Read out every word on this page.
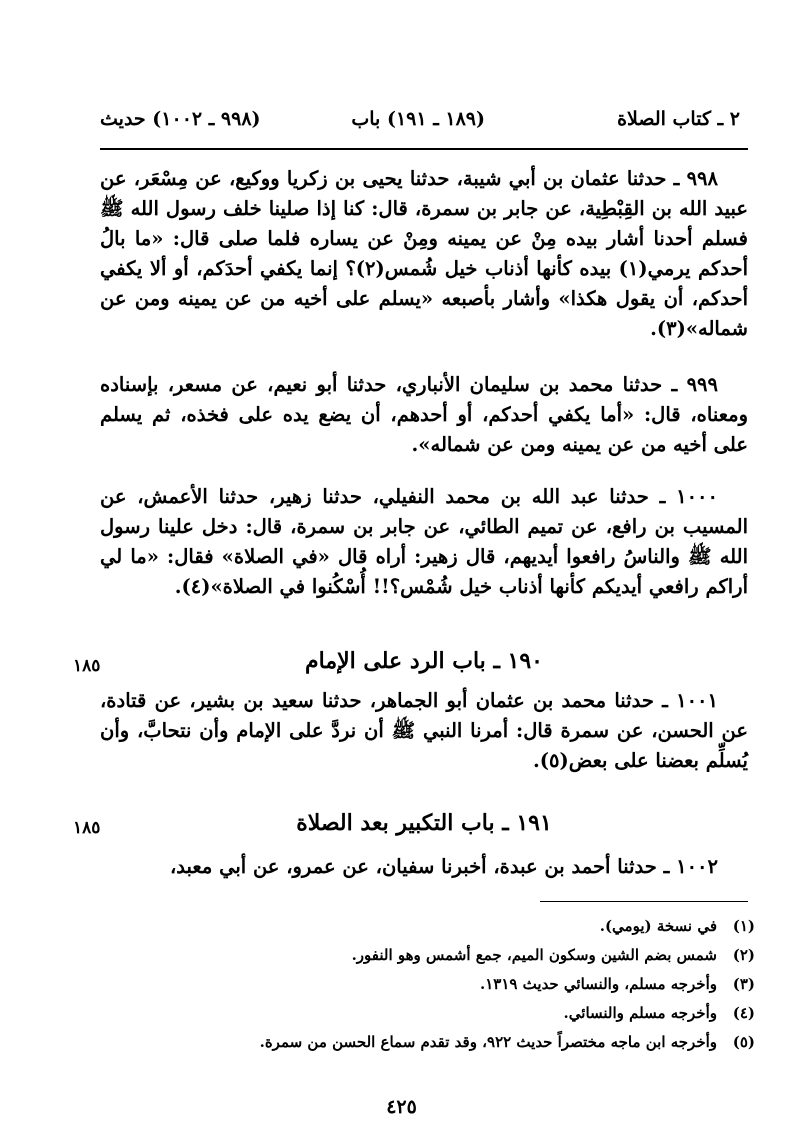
٢ ـ كتاب الصلاة
(١٨٩ ـ ١٩١) باب
(٩٩٨ ـ ١٠٠٢) حديث

٩٩٨ ـ حدثنا عثمان بن أبي شيبة، حدثنا يحيى بن زكريا ووكيع، عن مِسْعَر، عن عبيد الله بن القِبْطِية، عن جابر بن سمرة، قال: كنا إذا صلينا خلف رسول الله ﷺ فسلم أحدنا أشار بيده مِنْ عن يمينه ومِنْ عن يساره فلما صلى قال: «ما بالُ أحدكم يرمي(١) بيده كأنها أذناب خيل شُمس(٢)؟ إنما يكفي أحدَكم، أو ألا يكفي أحدكم، أن يقول هكذا» وأشار بأصبعه «يسلم على أخيه من عن يمينه ومن عن شماله»(٣).

٩٩٩ ـ حدثنا محمد بن سليمان الأنباري، حدثنا أبو نعيم، عن مسعر، بإسناده ومعناه، قال: «أما يكفي أحدكم، أو أحدهم، أن يضع يده على فخذه، ثم يسلم على أخيه من عن يمينه ومن عن شماله».

١٠٠٠ ـ حدثنا عبد الله بن محمد النفيلي، حدثنا زهير، حدثنا الأعمش، عن المسيب بن رافع، عن تميم الطائي، عن جابر بن سمرة، قال: دخل علينا رسول الله ﷺ والناسُ رافعوا أيديهم، قال زهير: أراه قال «في الصلاة» فقال: «ما لي أراكم رافعي أيديكم كأنها أذناب خيل شُمْس؟!! أُسْكُنوا في الصلاة»(٤).

١٩٠ ـ باب الرد على الإمام
١٨٥

١٠٠١ ـ حدثنا محمد بن عثمان أبو الجماهر، حدثنا سعيد بن بشير، عن قتادة، عن الحسن، عن سمرة قال: أمرنا النبي ﷺ أن نردَّ على الإمام وأن نتحابَّ، وأن يُسلِّم بعضنا على بعض(٥).

١٩١ ـ باب التكبير بعد الصلاة
١٨٥

١٠٠٢ ـ حدثنا أحمد بن عبدة، أخبرنا سفيان، عن عمرو، عن أبي معبد،

(١)
في نسخة (يومي).
(٢)
شمس بضم الشين وسكون الميم، جمع أشمس وهو النفور.
(٣)
وأخرجه مسلم، والنسائي حديث ١٣١٩.
(٤)
وأخرجه مسلم والنسائي.
(٥)
وأخرجه ابن ماجه مختصراً حديث ٩٢٢، وقد تقدم سماع الحسن من سمرة.
٤٢٥
